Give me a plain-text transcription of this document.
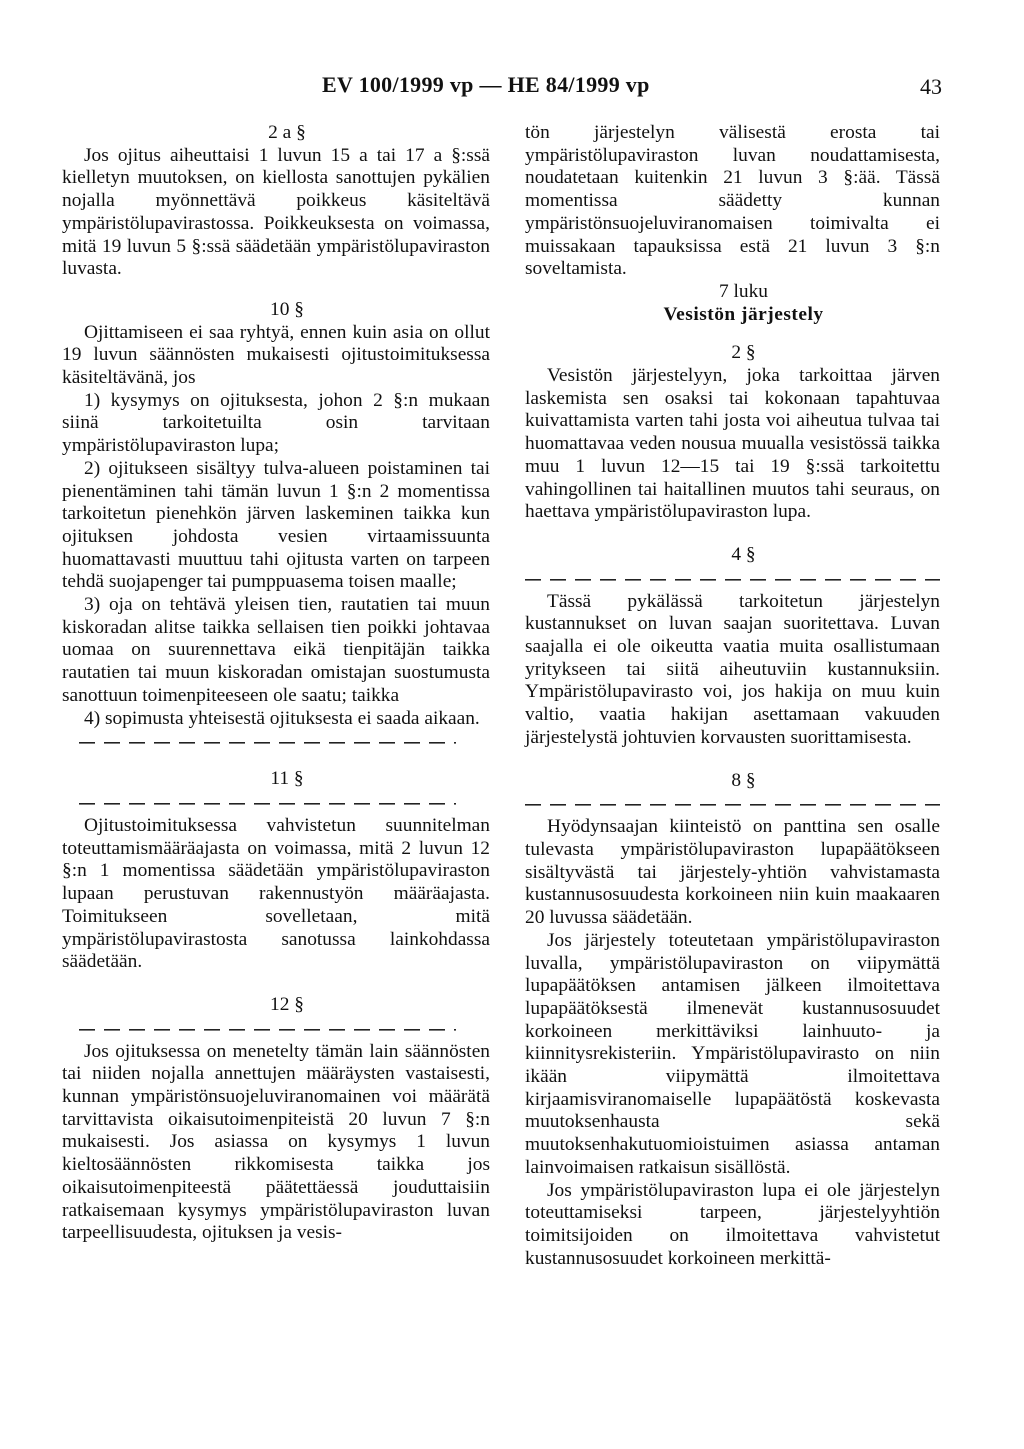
EV 100/1999 vp — HE 84/1999 vp	43

2 a §

Jos ojitus aiheuttaisi 1 luvun 15 a tai 17 a §:ssä kielletyn muutoksen, on kiellosta sanottujen pykälien nojalla myönnettävä poikkeus käsiteltävä ympäristölupavirastossa. Poikkeuksesta on voimassa, mitä 19 luvun 5 §:ssä säädetään ympäristölupaviraston luvasta.

10 §

Ojittamiseen ei saa ryhtyä, ennen kuin asia on ollut 19 luvun säännösten mukaisesti ojitustoimituksessa käsiteltävänä, jos

1) kysymys on ojituksesta, johon 2 §:n mukaan siinä tarkoitetuilta osin tarvitaan ympäristölupaviraston lupa;

2) ojitukseen sisältyy tulva-alueen poistaminen tai pienentäminen tahi tämän luvun 1 §:n 2 momentissa tarkoitetun pienehkön järven laskeminen taikka kun ojituksen johdosta vesien virtaamissuunta huomattavasti muuttuu tahi ojitusta varten on tarpeen tehdä suojapenger tai pumppuasema toisen maalle;

3) oja on tehtävä yleisen tien, rautatien tai muun kiskoradan alitse taikka sellaisen tien poikki johtavaa uomaa on suurennettava eikä tienpitäjän taikka rautatien tai muun kiskoradan omistajan suostumusta sanottuun toimenpiteeseen ole saatu; taikka

4) sopimusta yhteisestä ojituksesta ei saada aikaan.

11 §

Ojitustoimituksessa vahvistetun suunnitelman toteuttamismääräajasta on voimassa, mitä 2 luvun 12 §:n 1 momentissa säädetään ympäristölupaviraston lupaan perustuvan rakennustyön määräajasta. Toimitukseen sovelletaan, mitä ympäristölupavirastosta sanotussa lainkohdassa säädetään.

12 §

Jos ojituksessa on menetelty tämän lain säännösten tai niiden nojalla annettujen määräysten vastaisesti, kunnan ympäristönsuojeluviranomainen voi määrätä tarvittavista oikaisutoimenpiteistä 20 luvun 7 §:n mukaisesti. Jos asiassa on kysymys 1 luvun kieltosäännösten rikkomisesta taikka jos oikaisutoimenpiteestä päätettäessä jouduttaisiin ratkaisemaan kysymys ympäristölupaviraston luvan tarpeellisuudesta, ojituksen ja vesis-

tön järjestelyn välisestä erosta tai ympäristölupaviraston luvan noudattamisesta, noudatetaan kuitenkin 21 luvun 3 §:ää. Tässä momentissa säädetty kunnan ympäristönsuojeluviranomaisen toimivalta ei muissakaan tapauksissa estä 21 luvun 3 §:n soveltamista.

7 luku

Vesistön järjestely

2 §

Vesistön järjestelyyn, joka tarkoittaa järven laskemista sen osaksi tai kokonaan tapahtuvaa kuivattamista varten tahi josta voi aiheutua tulvaa tai huomattavaa veden nousua muualla vesistössä taikka muu 1 luvun 12—15 tai 19 §:ssä tarkoitettu vahingollinen tai haitallinen muutos tahi seuraus, on haettava ympäristölupaviraston lupa.

4 §

Tässä pykälässä tarkoitetun järjestelyn kustannukset on luvan saajan suoritettava. Luvan saajalla ei ole oikeutta vaatia muita osallistumaan yritykseen tai siitä aiheutuviin kustannuksiin. Ympäristölupavirasto voi, jos hakija on muu kuin valtio, vaatia hakijan asettamaan vakuuden järjestelystä johtuvien korvausten suorittamisesta.

8 §

Hyödynsaajan kiinteistö on panttina sen osalle tulevasta ympäristölupaviraston lupapäätökseen sisältyvästä tai järjestely-yhtiön vahvistamasta kustannusosuudesta korkoineen niin kuin maakaaren 20 luvussa säädetään.

Jos järjestely toteutetaan ympäristölupaviraston luvalla, ympäristölupaviraston on viipymättä lupapäätöksen antamisen jälkeen ilmoitettava lupapäätöksestä ilmenevät kustannusosuudet korkoineen merkittäviksi lainhuuto- ja kiinnitysrekisteriin. Ympäristölupavirasto on niin ikään viipymättä ilmoitettava kirjaamisviranomaiselle lupapäätöstä koskevasta muutoksenhausta sekä muutoksenhakutuomioistuimen asiassa antaman lainvoimaisen ratkaisun sisällöstä.

Jos ympäristölupaviraston lupa ei ole järjestelyn toteuttamiseksi tarpeen, järjestelyyhtiön toimitsijoiden on ilmoitettava vahvistetut kustannusosuudet korkoineen merkittä-
